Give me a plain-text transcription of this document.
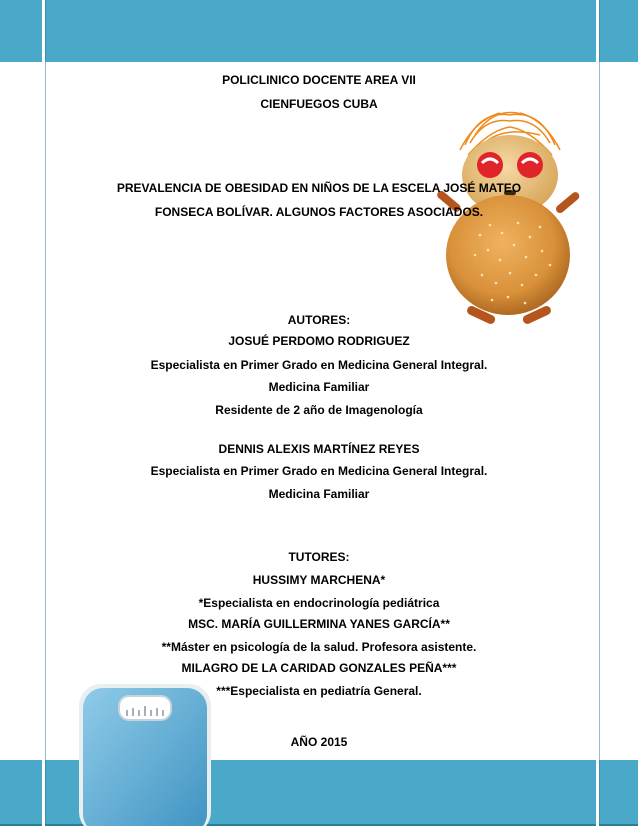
POLICLINICO DOCENTE AREA VII
CIENFUEGOS CUBA
PREVALENCIA DE OBESIDAD EN NIÑOS DE LA ESCELA JOSÉ MATEO
FONSECA BOLÍVAR. ALGUNOS FACTORES ASOCIADOS.
AUTORES:
JOSUÉ PERDOMO RODRIGUEZ
Especialista en Primer Grado en Medicina General Integral.
Medicina Familiar
Residente de 2 año de Imagenología
DENNIS ALEXIS MARTÍNEZ REYES
Especialista en Primer Grado en Medicina General Integral.
Medicina Familiar
TUTORES:
HUSSIMY MARCHENA*
*Especialista en endocrinología pediátrica
MSC. MARÍA GUILLERMINA YANES GARCÍA**
**Máster en psicología de la salud. Profesora asistente.
MILAGRO DE LA CARIDAD GONZALES PEÑA***
***Especialista en pediatría General.
AÑO 2015
